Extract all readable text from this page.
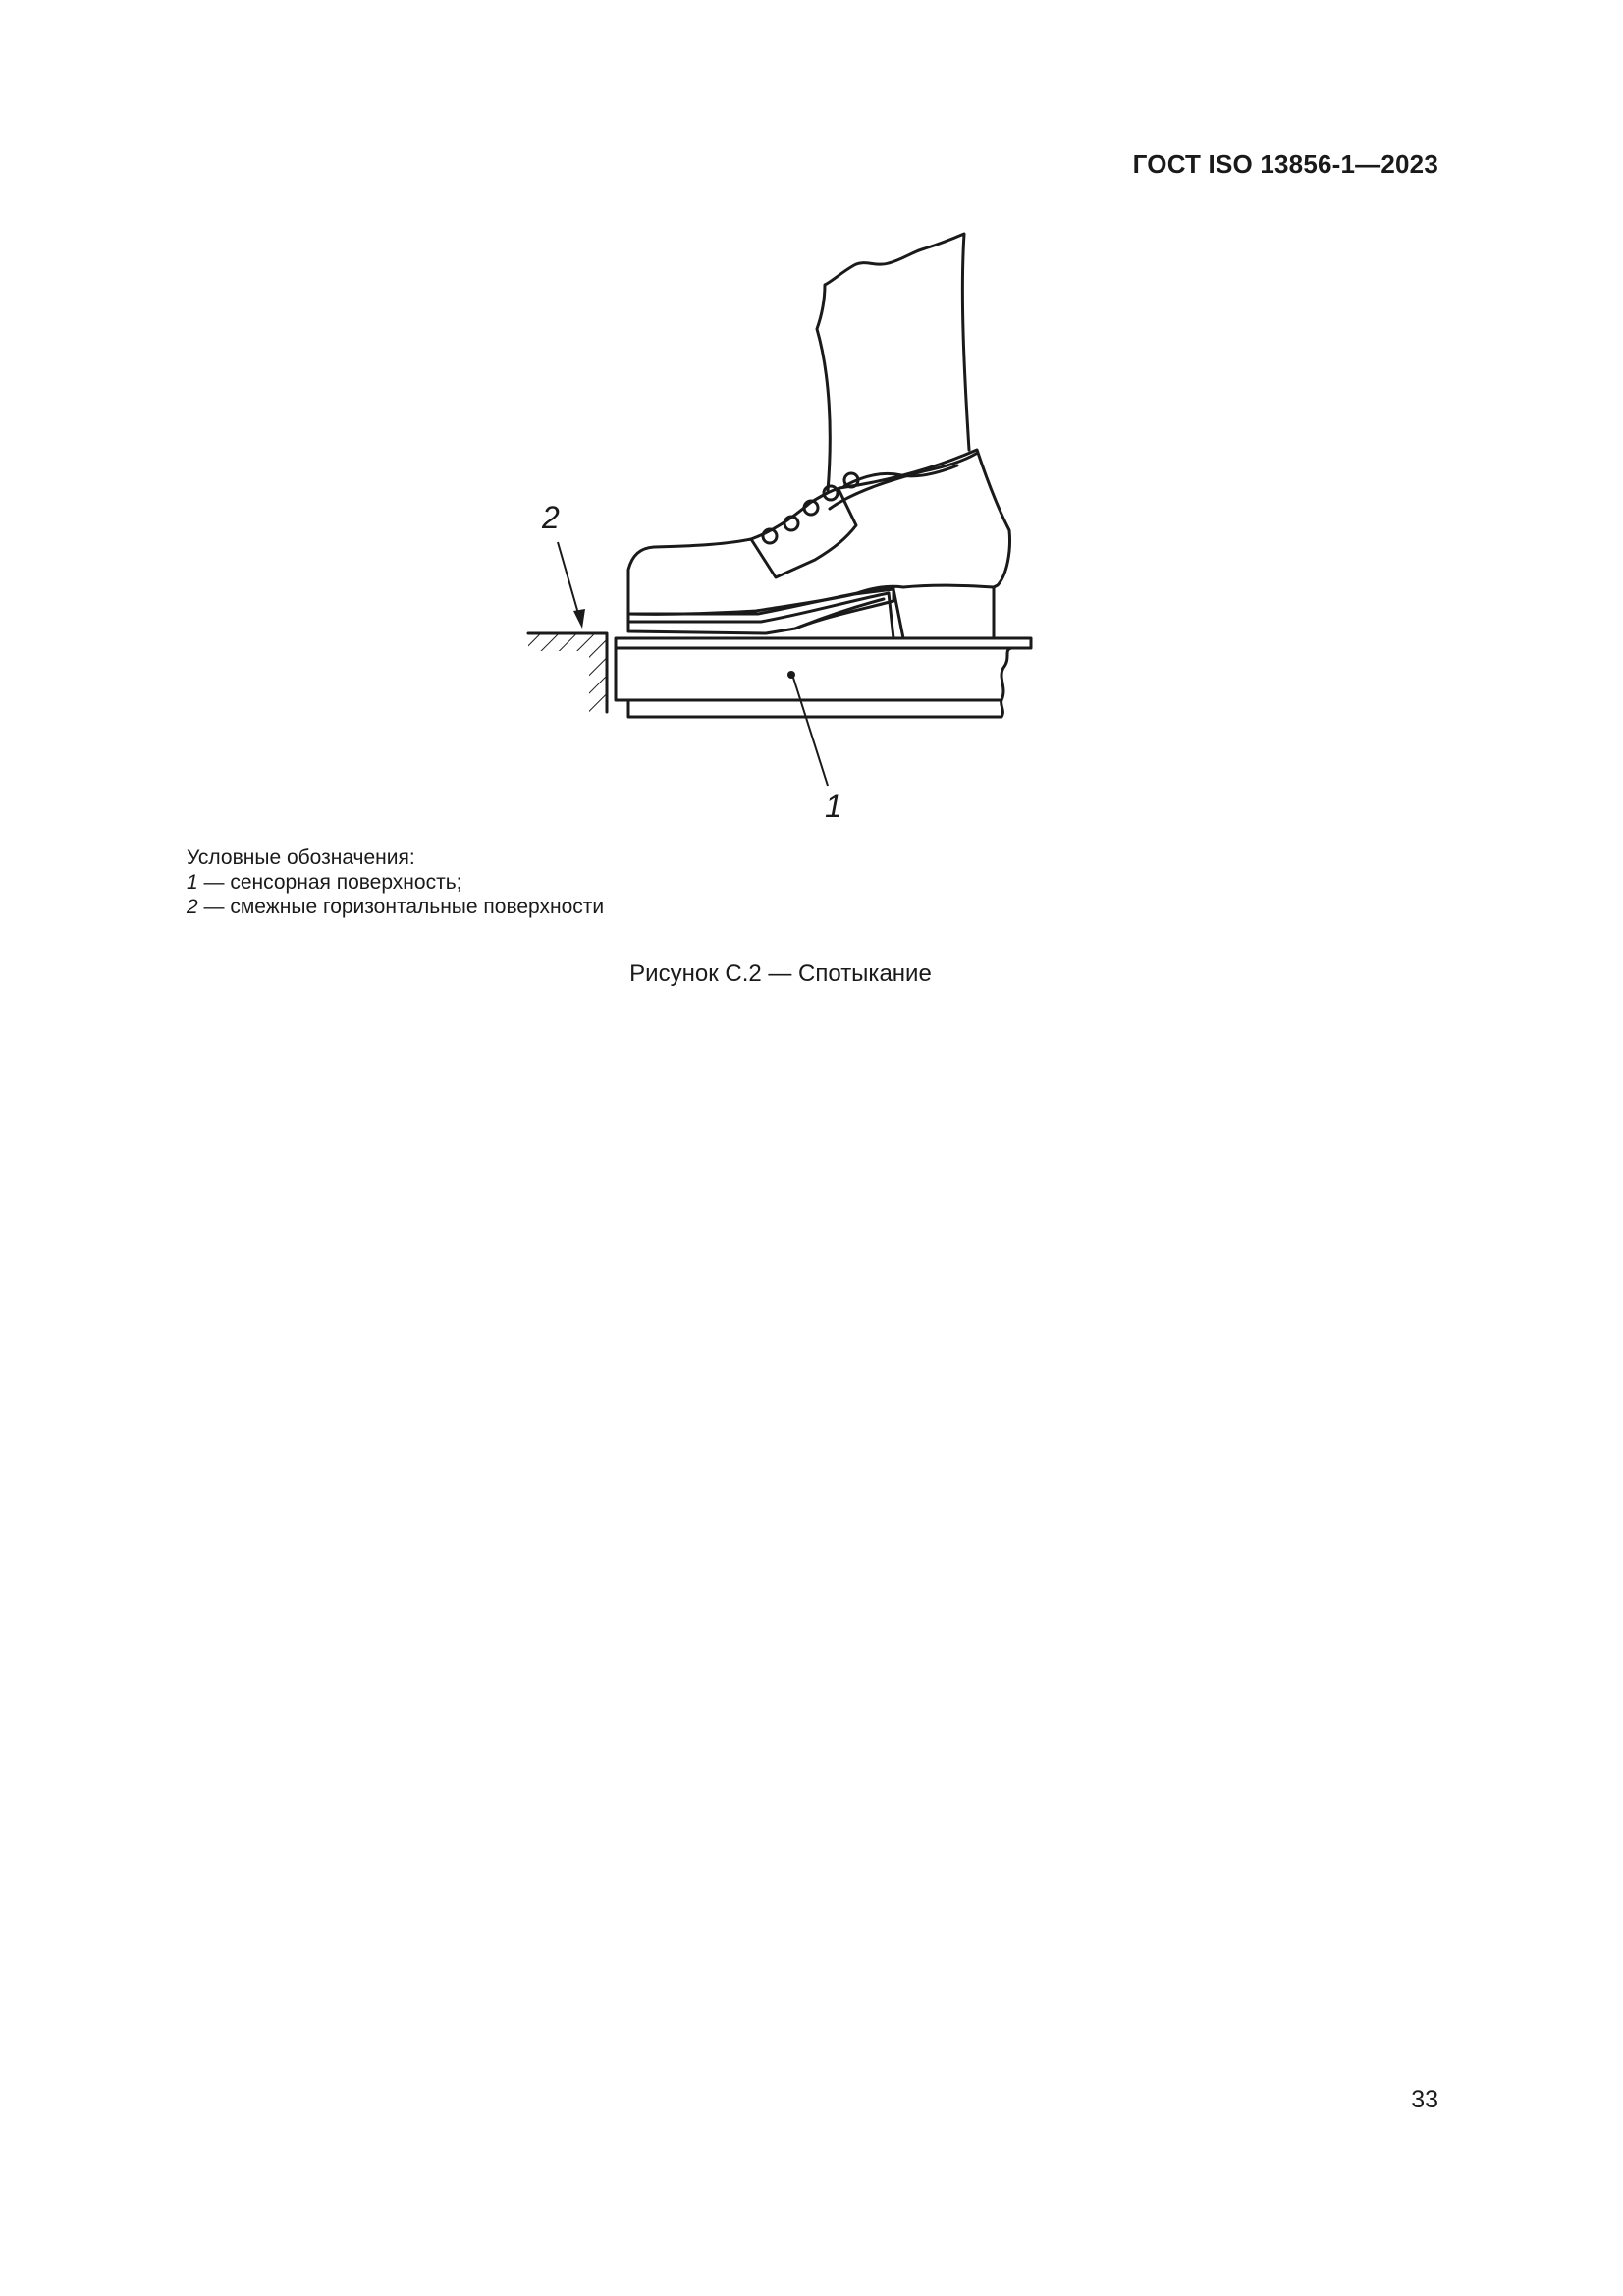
ГОСТ ISO 13856-1—2023
1
2
Условные обозначения:
1 — сенсорная поверхность;
2 — смежные горизонтальные поверхности
Рисунок С.2 — Спотыкание
33
